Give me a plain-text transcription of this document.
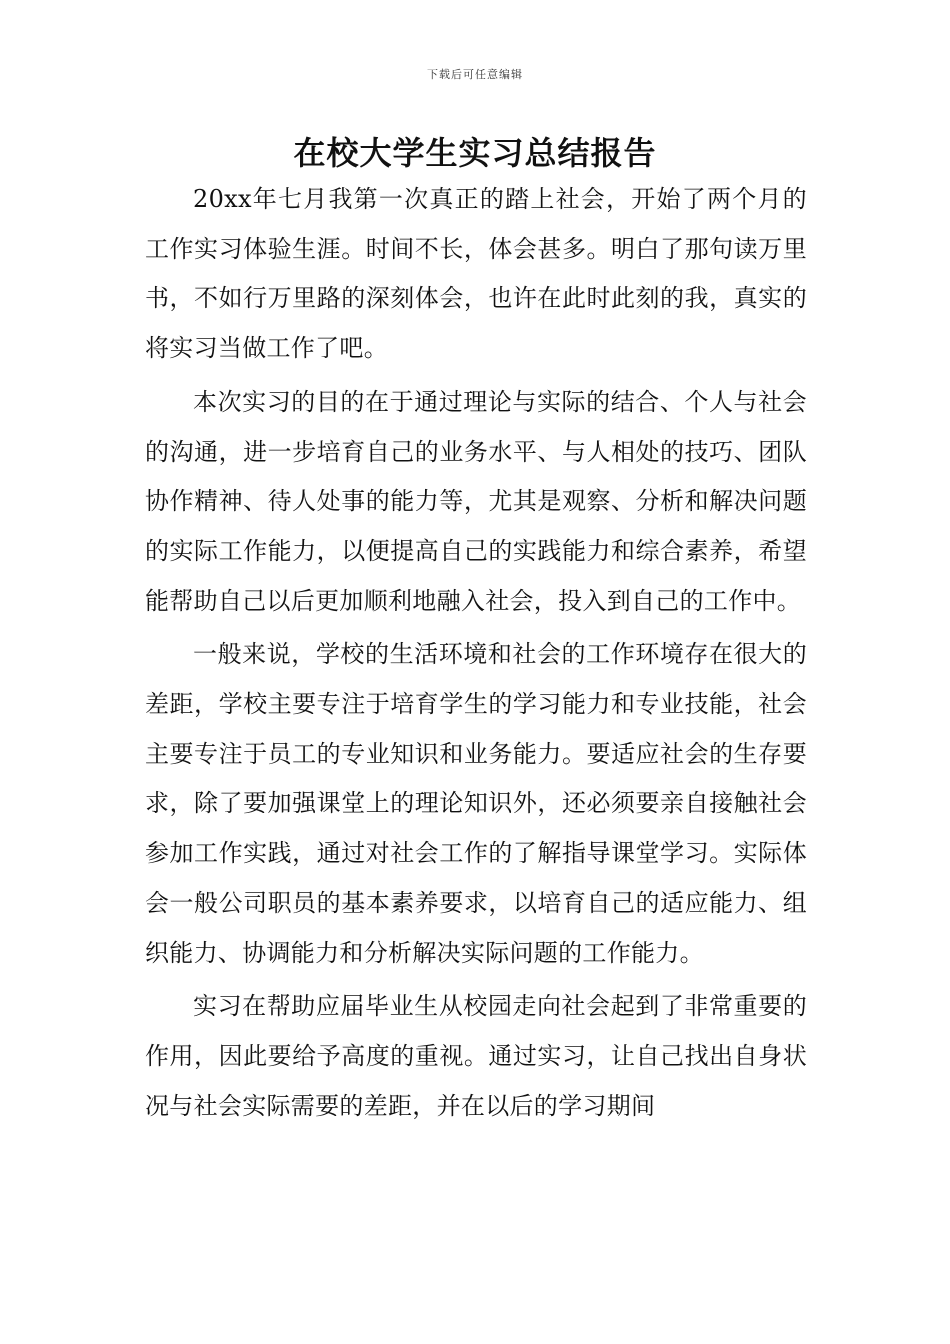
下载后可任意编辑
在校大学生实习总结报告

20xx年七月我第一次真正的踏上社会，开始了两个月的工作实习体验生涯。时间不长，体会甚多。明白了那句读万里书，不如行万里路的深刻体会，也许在此时此刻的我，真实的将实习当做工作了吧。

本次实习的目的在于通过理论与实际的结合、个人与社会的沟通，进一步培育自己的业务水平、与人相处的技巧、团队协作精神、待人处事的能力等，尤其是观察、分析和解决问题的实际工作能力，以便提高自己的实践能力和综合素养，希望能帮助自己以后更加顺利地融入社会，投入到自己的工作中。

一般来说，学校的生活环境和社会的工作环境存在很大的差距，学校主要专注于培育学生的学习能力和专业技能，社会主要专注于员工的专业知识和业务能力。要适应社会的生存要求，除了要加强课堂上的理论知识外，还必须要亲自接触社会参加工作实践，通过对社会工作的了解指导课堂学习。实际体会一般公司职员的基本素养要求，以培育自己的适应能力、组织能力、协调能力和分析解决实际问题的工作能力。

实习在帮助应届毕业生从校园走向社会起到了非常重要的作用，因此要给予高度的重视。通过实习，让自己找出自身状况与社会实际需要的差距，并在以后的学习期间
